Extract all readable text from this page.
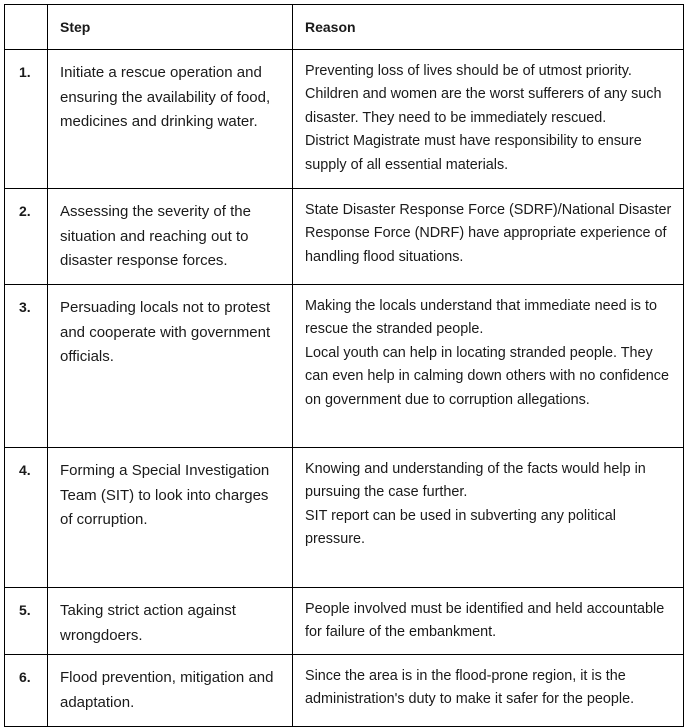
	Step	Reason

1.	Initiate a rescue operation and ensuring the availability of food, medicines and drinking water.	Preventing loss of lives should be of utmost priority. Children and women are the worst sufferers of any such disaster. They need to be immediately rescued.
District Magistrate must have responsibility to ensure supply of all essential materials.

2.	Assessing the severity of the situation and reaching out to disaster response forces.	State Disaster Response Force (SDRF)/National Disaster Response Force (NDRF) have appropriate experience of handling flood situations.

3.	Persuading locals not to protest and cooperate with government officials.	Making the locals understand that immediate need is to rescue the stranded people.
Local youth can help in locating stranded people. They can even help in calming down others with no confidence on government due to corruption allegations.

4.	Forming a Special Investigation Team (SIT) to look into charges of corruption.	Knowing and understanding of the facts would help in pursuing the case further.
SIT report can be used in subverting any political pressure.

5.	Taking strict action against wrongdoers.	People involved must be identified and held accountable for failure of the embankment.

6.	Flood prevention, mitigation and adaptation.	Since the area is in the flood-prone region, it is the administration's duty to make it safer for the people.
